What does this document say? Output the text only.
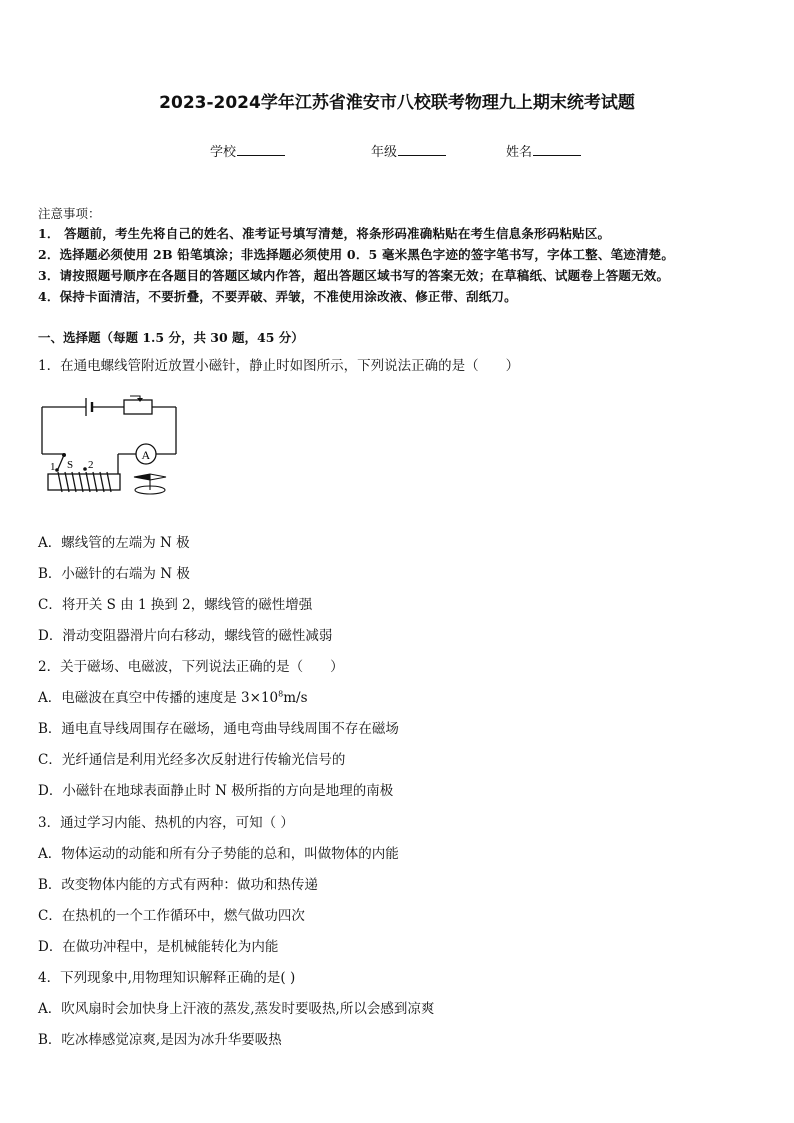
2023-2024学年江苏省淮安市八校联考物理九上期末统考试题
学校	年级	姓名
注意事项：
1． 答题前，考生先将自己的姓名、准考证号填写清楚，将条形码准确粘贴在考生信息条形码粘贴区。
2．选择题必须使用 2B 铅笔填涂；非选择题必须使用 0．5 毫米黑色字迹的签字笔书写，字体工整、笔迹清楚。
3．请按照题号顺序在各题目的答题区域内作答，超出答题区域书写的答案无效；在草稿纸、试题卷上答题无效。
4．保持卡面清洁，不要折叠，不要弄破、弄皱，不准使用涂改液、修正带、刮纸刀。
一、选择题（每题 1.5 分，共 30 题，45 分）
1．在通电螺线管附近放置小磁针，静止时如图所示，下列说法正确的是（　　）
A
1 S 2
A．螺线管的左端为 N 极
B．小磁针的右端为 N 极
C．将开关 S 由 1 换到 2，螺线管的磁性增强
D．滑动变阻器滑片向右移动，螺线管的磁性减弱
2．关于磁场、电磁波，下列说法正确的是（　　）
A．电磁波在真空中传播的速度是 $3\times 10^8m/s$
B．通电直导线周围存在磁场，通电弯曲导线周围不存在磁场
C．光纤通信是利用光经多次反射进行传输光信号的
D．小磁针在地球表面静止时 N 极所指的方向是地理的南极
3．通过学习内能、热机的内容，可知（ ）
A．物体运动的动能和所有分子势能的总和，叫做物体的内能
B．改变物体内能的方式有两种：做功和热传递
C．在热机的一个工作循环中，燃气做功四次
D．在做功冲程中，是机械能转化为内能
4．下列现象中,用物理知识解释正确的是( )
A．吹风扇时会加快身上汗液的蒸发,蒸发时要吸热,所以会感到凉爽
B．吃冰棒感觉凉爽,是因为冰升华要吸热
